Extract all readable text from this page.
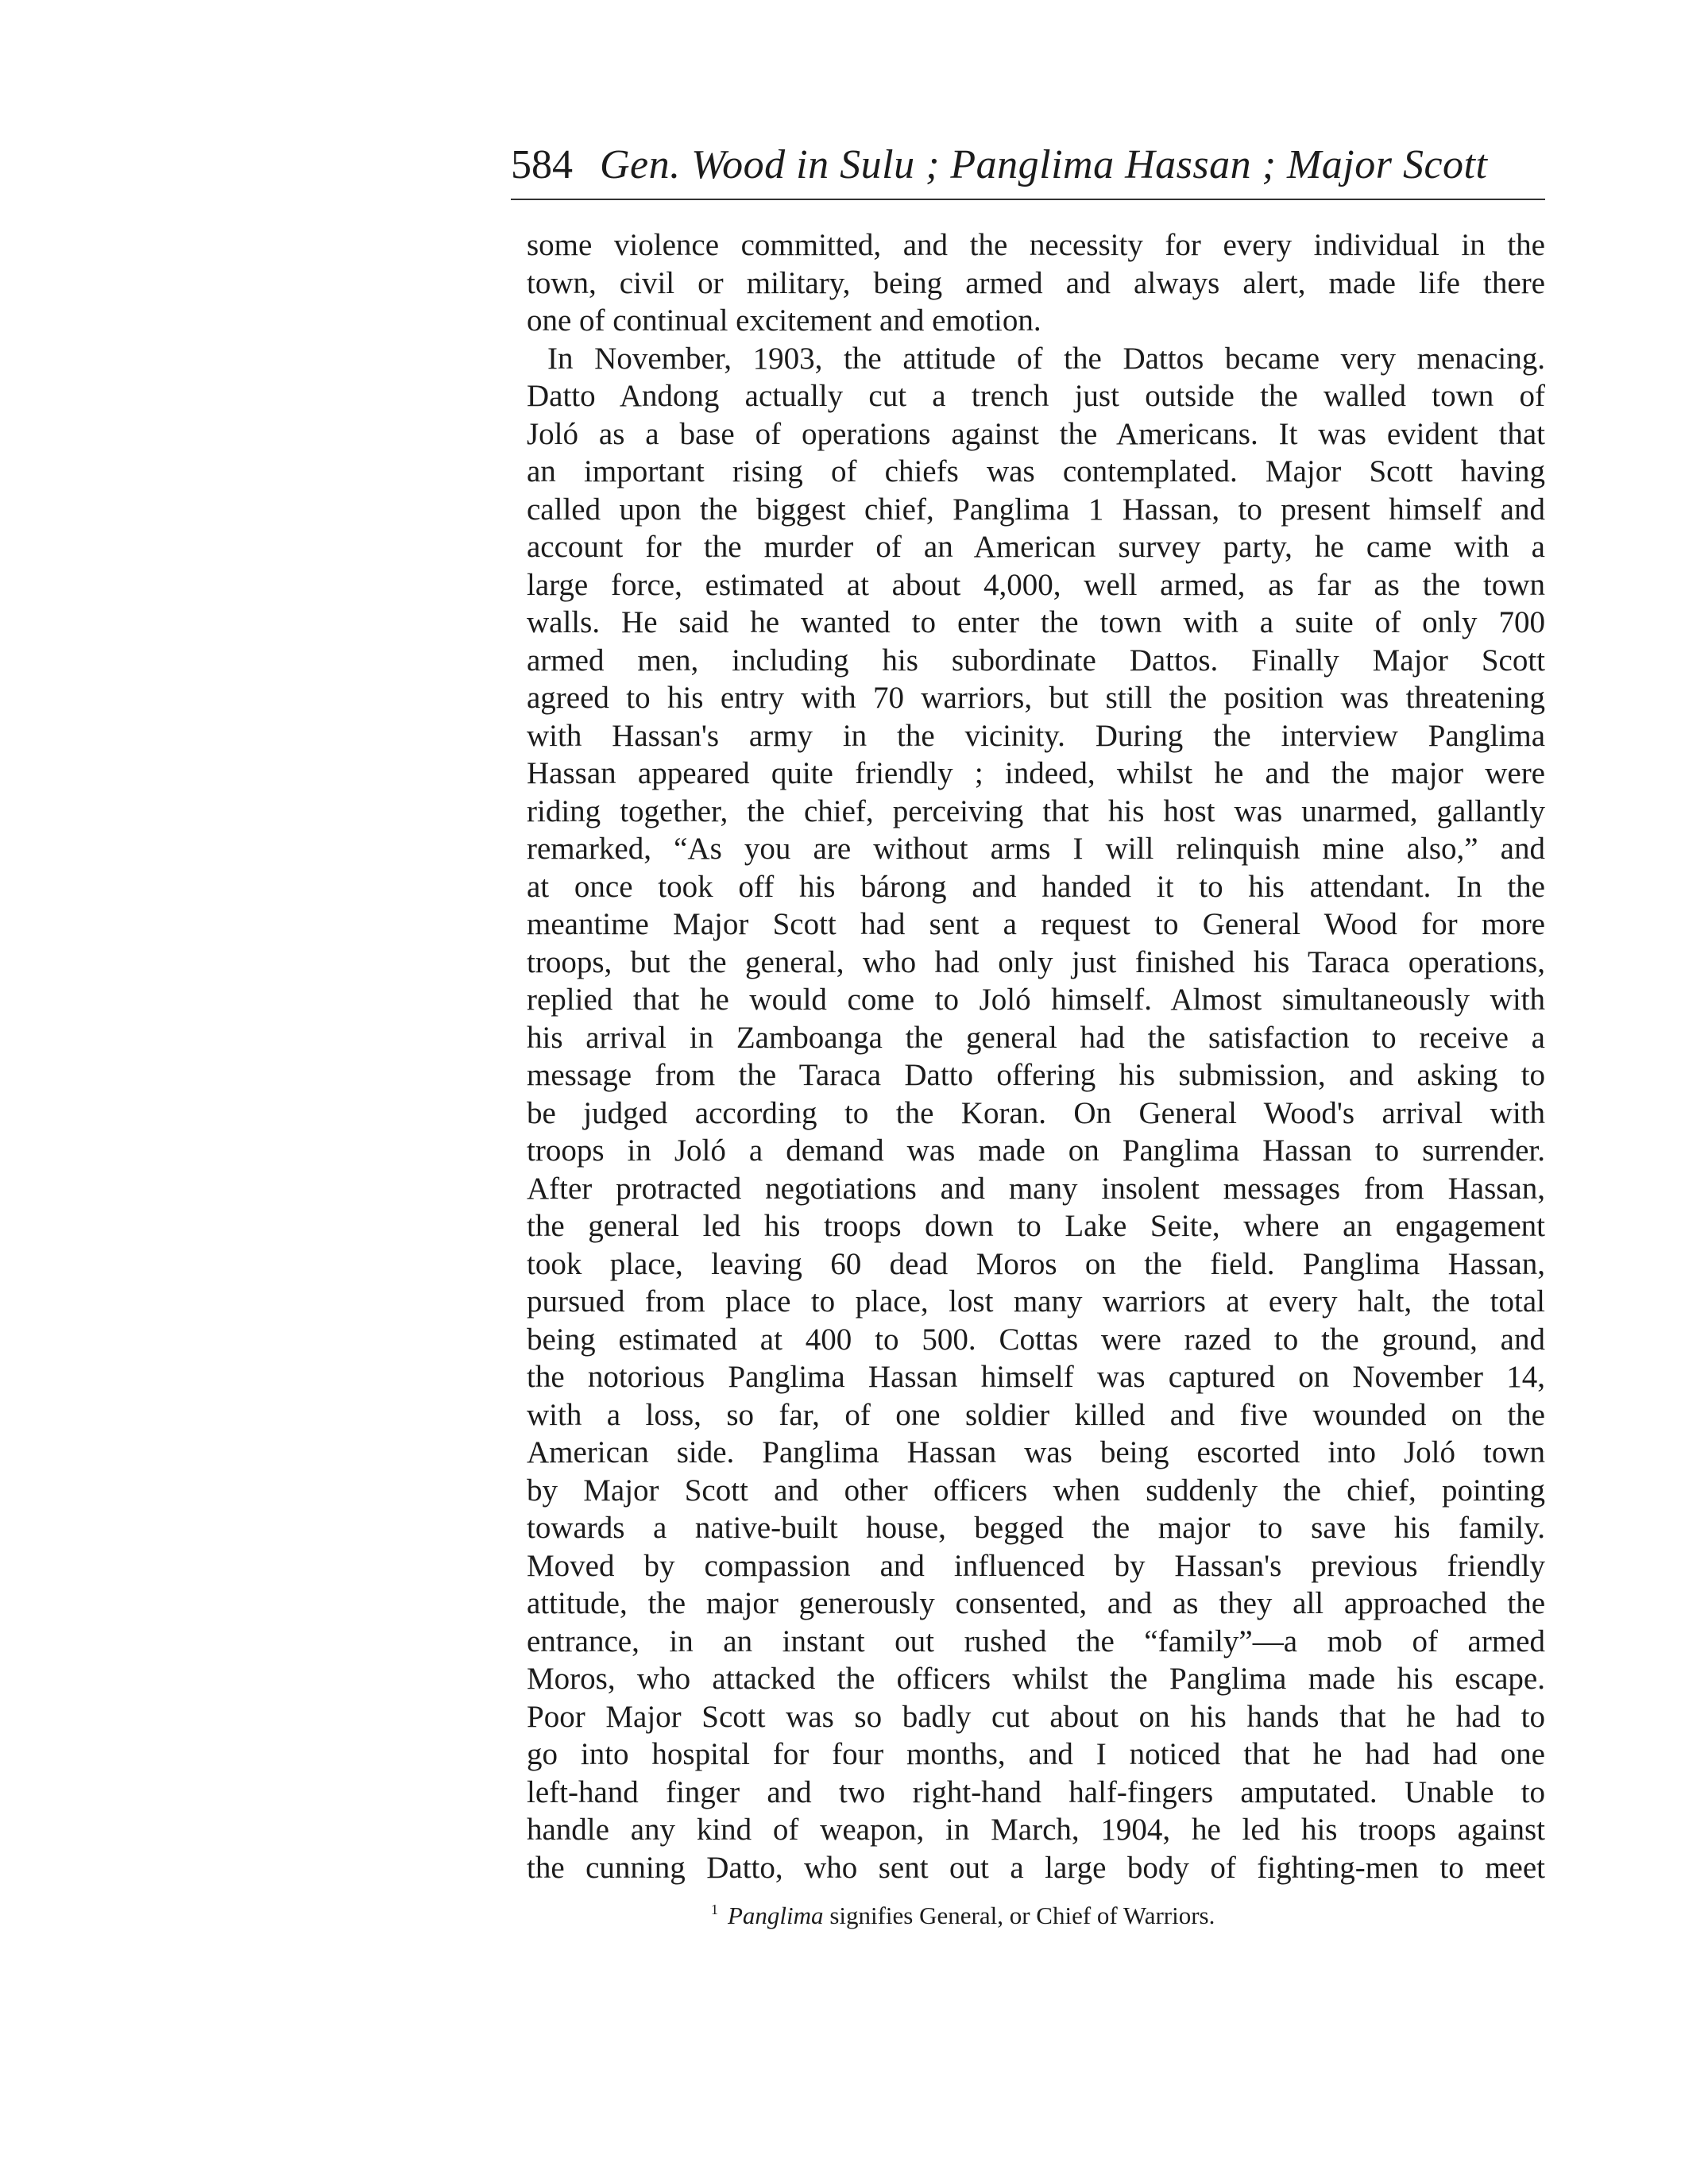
584 Gen. Wood in Sulu ; Panglima Hassan ; Major Scott
some violence committed, and the necessity for every individual in the
town, civil or military, being armed and always alert, made life there
one of continual excitement and emotion.
In November, 1903, the attitude of the Dattos became very menacing.
Datto Andong actually cut a trench just outside the walled town of
Joló as a base of operations against the Americans. It was evident that
an important rising of chiefs was contemplated. Major Scott having
called upon the biggest chief, Panglima 1 Hassan, to present himself and
account for the murder of an American survey party, he came with a
large force, estimated at about 4,000, well armed, as far as the town
walls. He said he wanted to enter the town with a suite of only 700
armed men, including his subordinate Dattos. Finally Major Scott
agreed to his entry with 70 warriors, but still the position was threatening
with Hassan's army in the vicinity. During the interview Panglima
Hassan appeared quite friendly ; indeed, whilst he and the major were
riding together, the chief, perceiving that his host was unarmed, gallantly
remarked, “As you are without arms I will relinquish mine also,” and
at once took off his bárong and handed it to his attendant. In the
meantime Major Scott had sent a request to General Wood for more
troops, but the general, who had only just finished his Taraca operations,
replied that he would come to Joló himself. Almost simultaneously with
his arrival in Zamboanga the general had the satisfaction to receive a
message from the Taraca Datto offering his submission, and asking to
be judged according to the Koran. On General Wood's arrival with
troops in Joló a demand was made on Panglima Hassan to surrender.
After protracted negotiations and many insolent messages from Hassan,
the general led his troops down to Lake Seite, where an engagement
took place, leaving 60 dead Moros on the field. Panglima Hassan,
pursued from place to place, lost many warriors at every halt, the total
being estimated at 400 to 500. Cottas were razed to the ground, and
the notorious Panglima Hassan himself was captured on November 14,
with a loss, so far, of one soldier killed and five wounded on the
American side. Panglima Hassan was being escorted into Joló town
by Major Scott and other officers when suddenly the chief, pointing
towards a native-built house, begged the major to save his family.
Moved by compassion and influenced by Hassan's previous friendly
attitude, the major generously consented, and as they all approached the
entrance, in an instant out rushed the “family”—a mob of armed
Moros, who attacked the officers whilst the Panglima made his escape.
Poor Major Scott was so badly cut about on his hands that he had to
go into hospital for four months, and I noticed that he had had one
left-hand finger and two right-hand half-fingers amputated. Unable to
handle any kind of weapon, in March, 1904, he led his troops against
the cunning Datto, who sent out a large body of fighting-men to meet
$^1$ Panglima signifies General, or Chief of Warriors.
